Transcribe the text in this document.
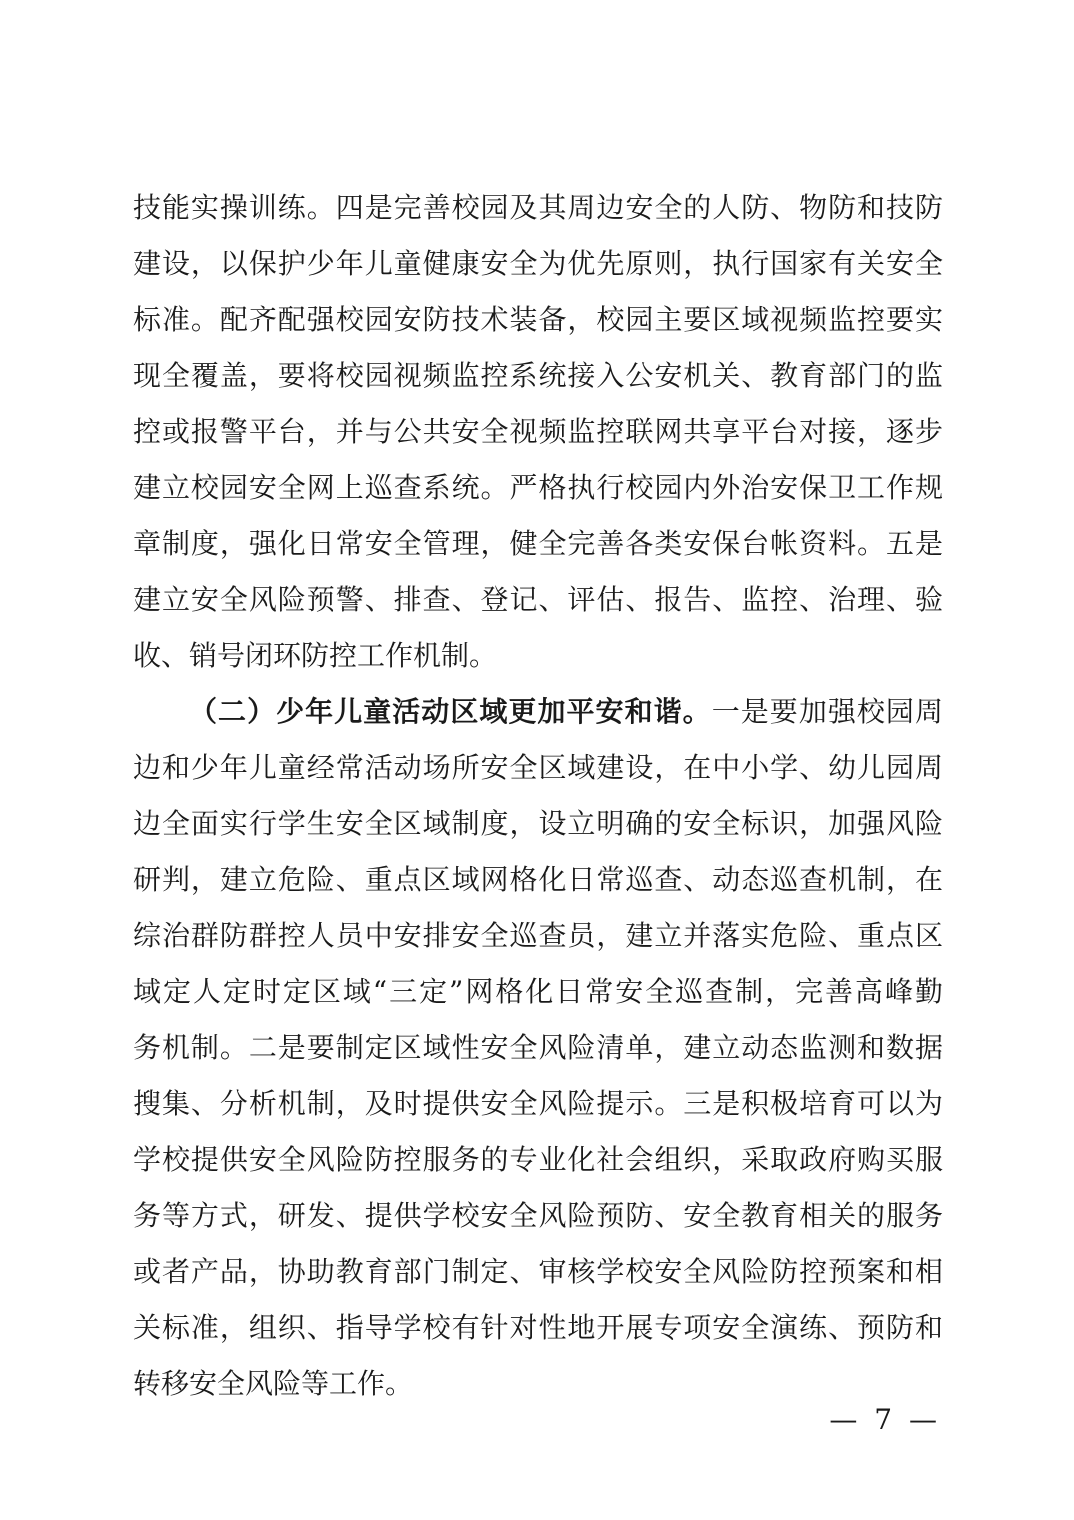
技能实操训练。四是完善校园及其周边安全的人防、物防和技防
建设，以保护少年儿童健康安全为优先原则，执行国家有关安全
标准。配齐配强校园安防技术装备，校园主要区域视频监控要实
现全覆盖，要将校园视频监控系统接入公安机关、教育部门的监
控或报警平台，并与公共安全视频监控联网共享平台对接，逐步
建立校园安全网上巡查系统。严格执行校园内外治安保卫工作规
章制度，强化日常安全管理，健全完善各类安保台帐资料。五是
建立安全风险预警、排查、登记、评估、报告、监控、治理、验
收、销号闭环防控工作机制。
（二）少年儿童活动区域更加平安和谐。一是要加强校园周
边和少年儿童经常活动场所安全区域建设，在中小学、幼儿园周
边全面实行学生安全区域制度，设立明确的安全标识，加强风险
研判，建立危险、重点区域网格化日常巡查、动态巡查机制，在
综治群防群控人员中安排安全巡查员，建立并落实危险、重点区
域定人定时定区域“三定”网格化日常安全巡查制，完善高峰勤
务机制。二是要制定区域性安全风险清单，建立动态监测和数据
搜集、分析机制，及时提供安全风险提示。三是积极培育可以为
学校提供安全风险防控服务的专业化社会组织，采取政府购买服
务等方式，研发、提供学校安全风险预防、安全教育相关的服务
或者产品，协助教育部门制定、审核学校安全风险防控预案和相
关标准，组织、指导学校有针对性地开展专项安全演练、预防和
转移安全风险等工作。
— 7 —
